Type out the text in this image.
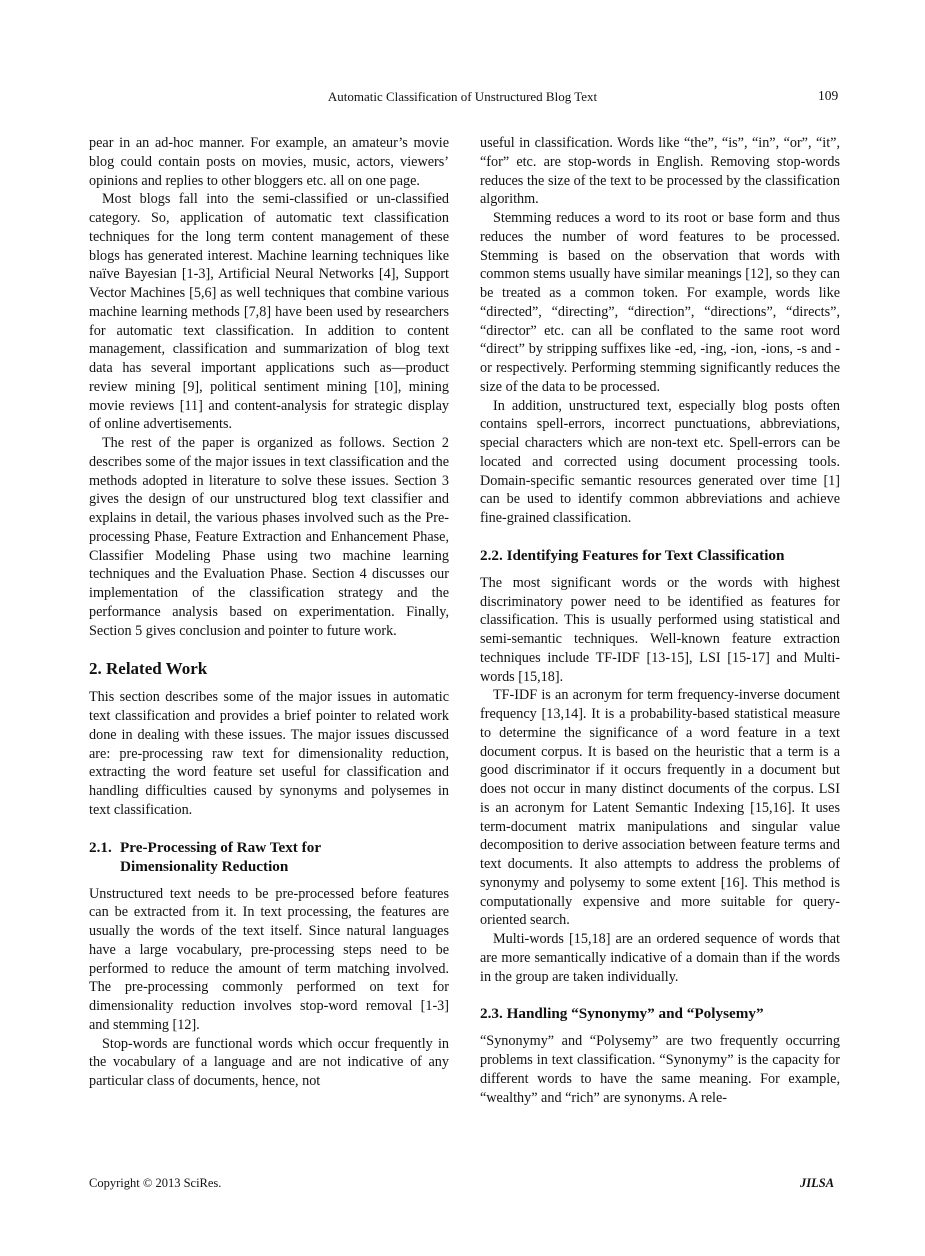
Automatic Classification of Unstructured Blog Text	109

pear in an ad-hoc manner. For example, an amateur’s movie blog could contain posts on movies, music, actors, viewers’ opinions and replies to other bloggers etc. all on one page.

Most blogs fall into the semi-classified or un-classified category. So, application of automatic text classification techniques for the long term content management of these blogs has generated interest. Machine learning techniques like naïve Bayesian [1-3], Artificial Neural Networks [4], Support Vector Machines [5,6] as well techniques that combine various machine learning methods [7,8] have been used by researchers for automatic text classification. In addition to content management, classification and summarization of blog text data has several important applications such as—product review mining [9], political sentiment mining [10], mining movie reviews [11] and content-analysis for strategic display of online advertisements.

The rest of the paper is organized as follows. Section 2 describes some of the major issues in text classification and the methods adopted in literature to solve these issues. Section 3 gives the design of our unstructured blog text classifier and explains in detail, the various phases involved such as the Pre-processing Phase, Feature Extraction and Enhancement Phase, Classifier Modeling Phase using two machine learning techniques and the Evaluation Phase. Section 4 discusses our implementation of the classification strategy and the performance analysis based on experimentation. Finally, Section 5 gives conclusion and pointer to future work.

2. Related Work

This section describes some of the major issues in automatic text classification and provides a brief pointer to related work done in dealing with these issues. The major issues discussed are: pre-processing raw text for dimensionality reduction, extracting the word feature set useful for classification and handling difficulties caused by synonyms and polysemes in text classification.

2.1. Pre-Processing of Raw Text for
Dimensionality Reduction

Unstructured text needs to be pre-processed before features can be extracted from it. In text processing, the features are usually the words of the text itself. Since natural languages have a large vocabulary, pre-processing steps need to be performed to reduce the amount of term matching involved. The pre-processing commonly performed on text for dimensionality reduction involves stop-word removal [1-3] and stemming [12].

Stop-words are functional words which occur frequently in the vocabulary of a language and are not indicative of any particular class of documents, hence, not

useful in classification. Words like “the”, “is”, “in”, “or”, “it”, “for” etc. are stop-words in English. Removing stop-words reduces the size of the text to be processed by the classification algorithm.

Stemming reduces a word to its root or base form and thus reduces the number of word features to be processed. Stemming is based on the observation that words with common stems usually have similar meanings [12], so they can be treated as a common token. For example, words like “directed”, “directing”, “direction”, “directions”, “directs”, “director” etc. can all be conflated to the same root word “direct” by stripping suffixes like -ed, -ing, -ion, -ions, -s and -or respectively. Performing stemming significantly reduces the size of the data to be processed.

In addition, unstructured text, especially blog posts often contains spell-errors, incorrect punctuations, abbreviations, special characters which are non-text etc. Spell-errors can be located and corrected using document processing tools. Domain-specific semantic resources generated over time [1] can be used to identify common abbreviations and achieve fine-grained classification.

2.2. Identifying Features for Text Classification

The most significant words or the words with highest discriminatory power need to be identified as features for classification. This is usually performed using statistical and semi-semantic techniques. Well-known feature extraction techniques include TF-IDF [13-15], LSI [15-17] and Multi-words [15,18].

TF-IDF is an acronym for term frequency-inverse document frequency [13,14]. It is a probability-based statistical measure to determine the significance of a word feature in a text document corpus. It is based on the heuristic that a term is a good discriminator if it occurs frequently in a document but does not occur in many distinct documents of the corpus. LSI is an acronym for Latent Semantic Indexing [15,16]. It uses term-document matrix manipulations and singular value decomposition to derive association between feature terms and text documents. It also attempts to address the problems of synonymy and polysemy to some extent [16]. This method is computationally expensive and more suitable for query-oriented search.

Multi-words [15,18] are an ordered sequence of words that are more semantically indicative of a domain than if the words in the group are taken individually.

2.3. Handling “Synonymy” and “Polysemy”

“Synonymy” and “Polysemy” are two frequently occurring problems in text classification. “Synonymy” is the capacity for different words to have the same meaning. For example, “wealthy” and “rich” are synonyms. A rele-

Copyright © 2013 SciRes.	JILSA
